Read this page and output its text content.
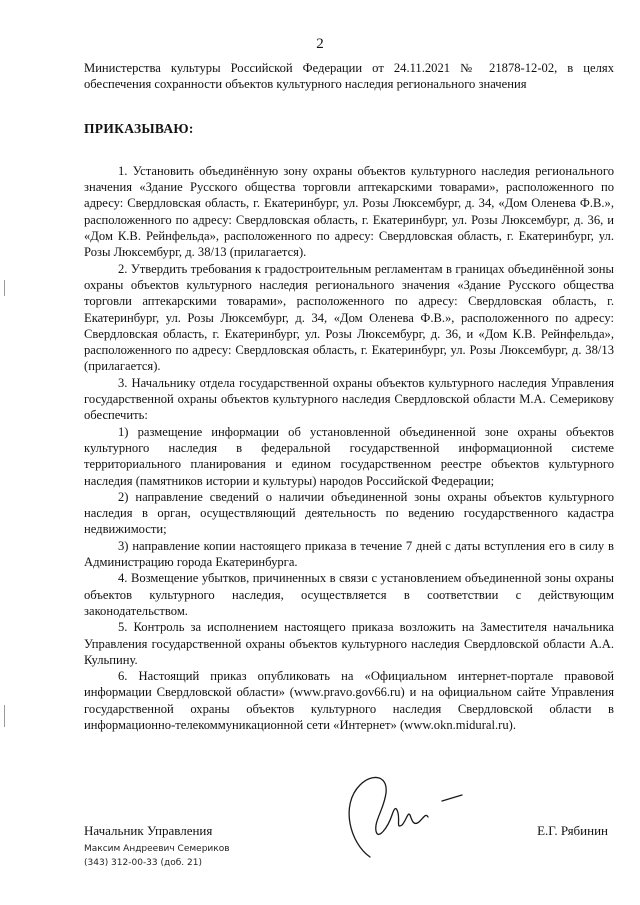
2

Министерства культуры Российской Федерации от 24.11.2021 № 21878-12-02, в целях обеспечения сохранности объектов культурного наследия регионального значения

ПРИКАЗЫВАЮ:

1. Установить объединённую зону охраны объектов культурного наследия регионального значения «Здание Русского общества торговли аптекарскими товарами», расположенного по адресу: Свердловская область, г. Екатеринбург, ул. Розы Люксембург, д. 34, «Дом Оленева Ф.В.», расположенного по адресу: Свердловская область, г. Екатеринбург, ул. Розы Люксембург, д. 36, и «Дом К.В. Рейнфельда», расположенного по адресу: Свердловская область, г. Екатеринбург, ул. Розы Люксембург, д. 38/13 (прилагается).

2. Утвердить требования к градостроительным регламентам в границах объединённой зоны охраны объектов культурного наследия регионального значения «Здание Русского общества торговли аптекарскими товарами», расположенного по адресу: Свердловская область, г. Екатеринбург, ул. Розы Люксембург, д. 34, «Дом Оленева Ф.В.», расположенного по адресу: Свердловская область, г. Екатеринбург, ул. Розы Люксембург, д. 36, и «Дом К.В. Рейнфельда», расположенного по адресу: Свердловская область, г. Екатеринбург, ул. Розы Люксембург, д. 38/13 (прилагается).

3. Начальнику отдела государственной охраны объектов культурного наследия Управления государственной охраны объектов культурного наследия Свердловской области М.А. Семерикову обеспечить:

1) размещение информации об установленной объединенной зоне охраны объектов культурного наследия в федеральной государственной информационной системе территориального планирования и едином государственном реестре объектов культурного наследия (памятников истории и культуры) народов Российской Федерации;

2) направление сведений о наличии объединенной зоны охраны объектов культурного наследия в орган, осуществляющий деятельность по ведению государственного кадастра недвижимости;

3) направление копии настоящего приказа в течение 7 дней с даты вступления его в силу в Администрацию города Екатеринбурга.

4. Возмещение убытков, причиненных в связи с установлением объединенной зоны охраны объектов культурного наследия, осуществляется в соответствии с действующим законодательством.

5. Контроль за исполнением настоящего приказа возложить на Заместителя начальника Управления государственной охраны объектов культурного наследия Свердловской области А.А. Кульпину.

6. Настоящий приказ опубликовать на «Официальном интернет-портале правовой информации Свердловской области» (www.pravo.gov66.ru) и на официальном сайте Управления государственной охраны объектов культурного наследия Свердловской области в информационно-телекоммуникационной сети «Интернет» (www.okn.midural.ru).

Начальник Управления	Е.Г. Рябинин
Максим Андреевич Семериков
(343) 312-00-33 (доб. 21)
